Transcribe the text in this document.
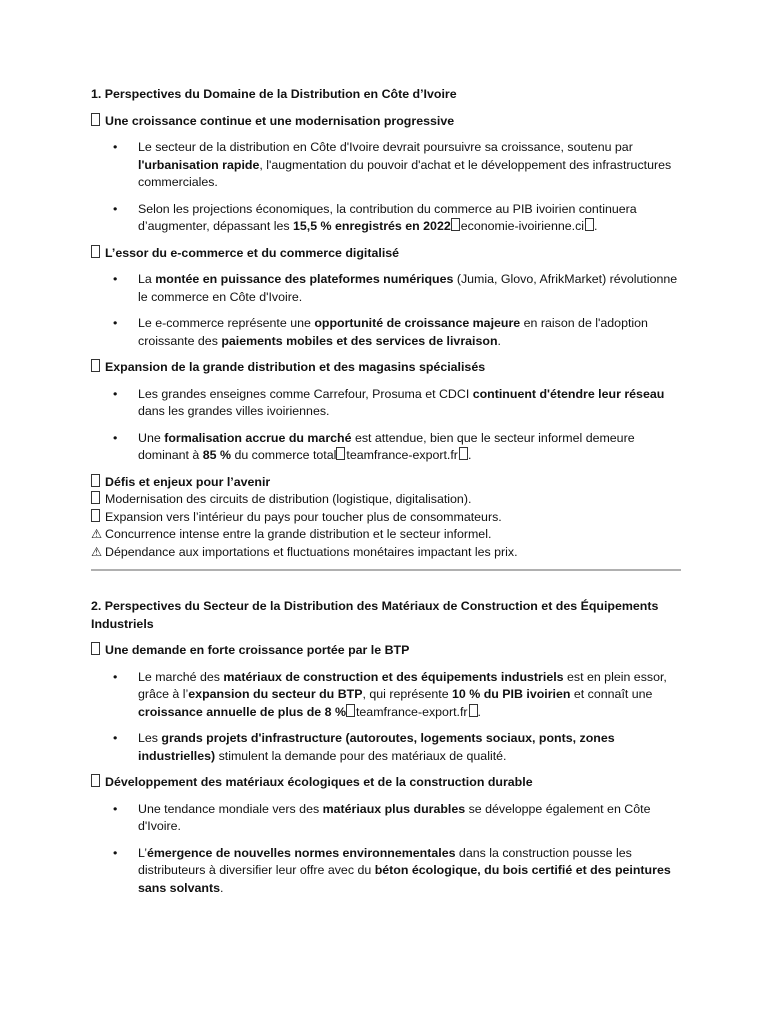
1. Perspectives du Domaine de la Distribution en Côte d’Ivoire
Une croissance continue et une modernisation progressive
• Le secteur de la distribution en Côte d'Ivoire devrait poursuivre sa croissance, soutenu par l'urbanisation rapide, l'augmentation du pouvoir d'achat et le développement des infrastructures commerciales.
• Selon les projections économiques, la contribution du commerce au PIB ivoirien continuera d’augmenter, dépassant les 15,5 % enregistrés en 2022 economie-ivoirienne.ci .
L’essor du e-commerce et du commerce digitalisé
• La montée en puissance des plateformes numériques (Jumia, Glovo, AfrikMarket) révolutionne le commerce en Côte d'Ivoire.
• Le e-commerce représente une opportunité de croissance majeure en raison de l'adoption croissante des paiements mobiles et des services de livraison.
Expansion de la grande distribution et des magasins spécialisés
• Les grandes enseignes comme Carrefour, Prosuma et CDCI continuent d'étendre leur réseau dans les grandes villes ivoiriennes.
• Une formalisation accrue du marché est attendue, bien que le secteur informel demeure dominant à 85 % du commerce total teamfrance-export.fr .
Défis et enjeux pour l’avenir
Modernisation des circuits de distribution (logistique, digitalisation).
Expansion vers l’intérieur du pays pour toucher plus de consommateurs.
⚠ Concurrence intense entre la grande distribution et le secteur informel.
⚠ Dépendance aux importations et fluctuations monétaires impactant les prix.
2. Perspectives du Secteur de la Distribution des Matériaux de Construction et des Équipements Industriels
Une demande en forte croissance portée par le BTP
• Le marché des matériaux de construction et des équipements industriels est en plein essor, grâce à l’expansion du secteur du BTP, qui représente 10 % du PIB ivoirien et connaît une croissance annuelle de plus de 8 % teamfrance-export.fr .
• Les grands projets d'infrastructure (autoroutes, logements sociaux, ponts, zones industrielles) stimulent la demande pour des matériaux de qualité.
Développement des matériaux écologiques et de la construction durable
• Une tendance mondiale vers des matériaux plus durables se développe également en Côte d'Ivoire.
• L’émergence de nouvelles normes environnementales dans la construction pousse les distributeurs à diversifier leur offre avec du béton écologique, du bois certifié et des peintures sans solvants.
